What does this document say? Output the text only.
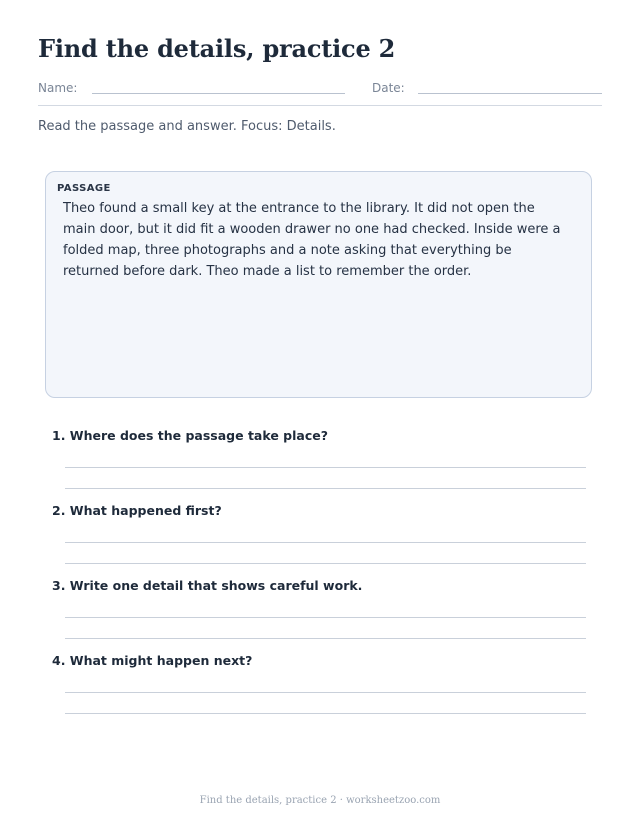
Find the details, practice 2
Name:	Date:
Read the passage and answer. Focus: Details.
PASSAGE

Theo found a small key at the entrance to the library. It did not open the main door, but it did fit a wooden drawer no one had checked. Inside were a folded map, three photographs and a note asking that everything be returned before dark. Theo made a list to remember the order.

1. Where does the passage take place?
2. What happened first?
3. Write one detail that shows careful work.
4. What might happen next?
Find the details, practice 2 · worksheetzoo.com
